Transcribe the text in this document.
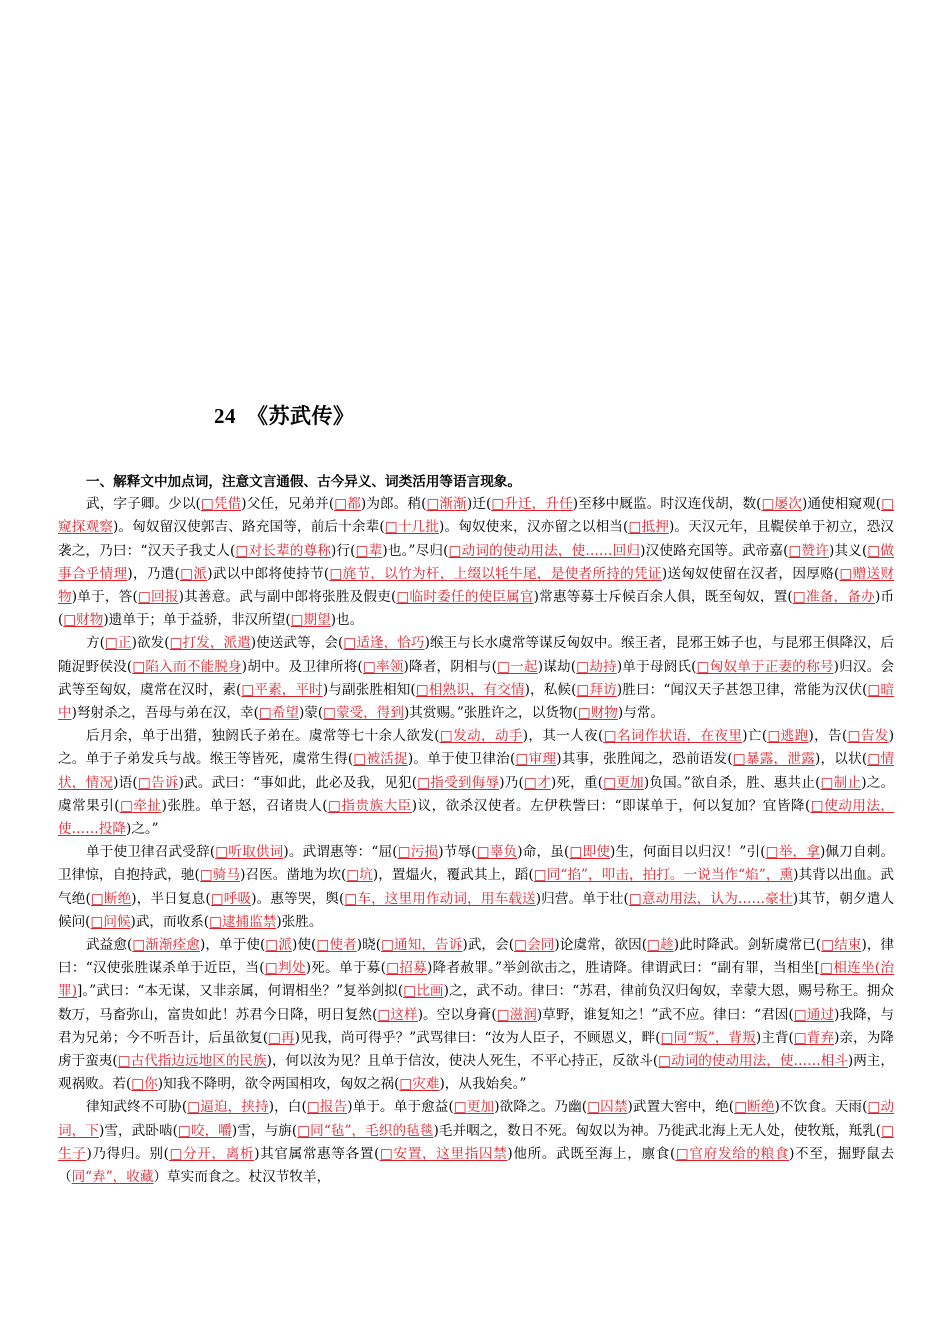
24　《苏武传》

一、解释文中加点词，注意文言通假、古今异义、词类活用等语言现象。

武，字子卿。少以(□凭借)父任，兄弟并(□都)为郎。稍(□渐渐)迁(□升迁，升任)至移中厩监。时汉连伐胡，数(□屡次)通使相窥观(□窥探观察)。匈奴留汉使郭吉、路充国等，前后十余辈(□十几批)。匈奴使来，汉亦留之以相当(□抵押)。天汉元年，且鞮侯单于初立，恐汉袭之，乃曰：“汉天子我丈人(□对长辈的尊称)行(□辈)也。”尽归(□动词的使动用法，使……回归)汉使路充国等。武帝嘉(□赞许)其义(□做事合乎情理)，乃遣(□派)武以中郎将使持节(□旄节，以竹为杆，上缀以牦牛尾，是使者所持的凭证)送匈奴使留在汉者，因厚赂(□赠送财物)单于，答(□回报)其善意。武与副中郎将张胜及假吏(□临时委任的使臣属官)常惠等募士斥候百余人俱，既至匈奴，置(□准备，备办)币(□财物)遗单于；单于益骄，非汉所望(□期望)也。

方(□正)欲发(□打发，派遣)使送武等，会(□适逢，恰巧)缑王与长水虞常等谋反匈奴中。缑王者，昆邪王姊子也，与昆邪王俱降汉，后随浞野侯没(□陷入而不能脱身)胡中。及卫律所将(□率领)降者，阴相与(□一起)谋劫(□劫持)单于母阏氏(□匈奴单于正妻的称号)归汉。会武等至匈奴，虞常在汉时，素(□平素，平时)与副张胜相知(□相熟识，有交情)，私候(□拜访)胜曰：“闻汉天子甚怨卫律，常能为汉伏(□暗中)弩射杀之，吾母与弟在汉，幸(□希望)蒙(□蒙受，得到)其赏赐。”张胜许之，以货物(□财物)与常。

后月余，单于出猎，独阏氏子弟在。虞常等七十余人欲发(□发动，动手)，其一人夜(□名词作状语，在夜里)亡(□逃跑)，告(□告发)之。单于子弟发兵与战。缑王等皆死，虞常生得(□被活捉)。单于使卫律治(□审理)其事，张胜闻之，恐前语发(□暴露，泄露)，以状(□情状，情况)语(□告诉)武。武曰：“事如此，此必及我，见犯(□指受到侮辱)乃(□才)死，重(□更加)负国。”欲自杀，胜、惠共止(□制止)之。虞常果引(□牵扯)张胜。单于怒，召诸贵人(□指贵族大臣)议，欲杀汉使者。左伊秩訾曰：“即谋单于，何以复加？宜皆降(□使动用法，使……投降)之。”

单于使卫律召武受辞(□听取供词)。武谓惠等：“屈(□污损)节辱(□辜负)命，虽(□即使)生，何面目以归汉！”引(□举，拿)佩刀自刺。卫律惊，自抱持武，驰(□骑马)召医。凿地为坎(□坑)，置煴火，覆武其上，蹈(□同“掐”，叩击，拍打。一说当作“焰”，熏)其背以出血。武气绝(□断绝)，半日复息(□呼吸)。惠等哭，舆(□车，这里用作动词，用车载送)归营。单于壮(□意动用法，认为……豪壮)其节，朝夕遣人候问(□问候)武，而收系(□逮捕监禁)张胜。

武益愈(□渐渐痊愈)，单于使(□派)使(□使者)晓(□通知，告诉)武，会(□会同)论虞常，欲因(□趁)此时降武。剑斩虞常已(□结束)，律曰：“汉使张胜谋杀单于近臣，当(□判处)死。单于募(□招募)降者赦罪。”举剑欲击之，胜请降。律谓武曰：“副有罪，当相坐[□相连坐(治罪)]。”武曰：“本无谋，又非亲属，何谓相坐？”复举剑拟(□比画)之，武不动。律曰：“苏君，律前负汉归匈奴，幸蒙大恩，赐号称王。拥众数万，马畜弥山，富贵如此！苏君今日降，明日复然(□这样)。空以身膏(□滋润)草野，谁复知之！”武不应。律曰：“君因(□通过)我降，与君为兄弟；今不听吾计，后虽欲复(□再)见我，尚可得乎？”武骂律曰：“汝为人臣子，不顾恩义，畔(□同“叛”，背叛)主背(□背弃)亲，为降虏于蛮夷(□古代指边远地区的民族)，何以汝为见？且单于信汝，使决人死生，不平心持正，反欲斗(□动词的使动用法，使……相斗)两主，观祸败。若(□你)知我不降明，欲令两国相攻，匈奴之祸(□灾难)，从我始矣。”

律知武终不可胁(□逼迫，挟持)，白(□报告)单于。单于愈益(□更加)欲降之。乃幽(□囚禁)武置大窖中，绝(□断绝)不饮食。天雨(□动词，下)雪，武卧啮(□咬，嚼)雪，与旃(□同“毡”，毛织的毡毯)毛并咽之，数日不死。匈奴以为神。乃徙武北海上无人处，使牧羝，羝乳(□生子)乃得归。别(□分开，离析)其官属常惠等各置(□安置，这里指囚禁)他所。武既至海上，廪食(□官府发给的粮食)不至，掘野鼠去（同“弆”，收藏）草实而食之。杖汉节牧羊，
